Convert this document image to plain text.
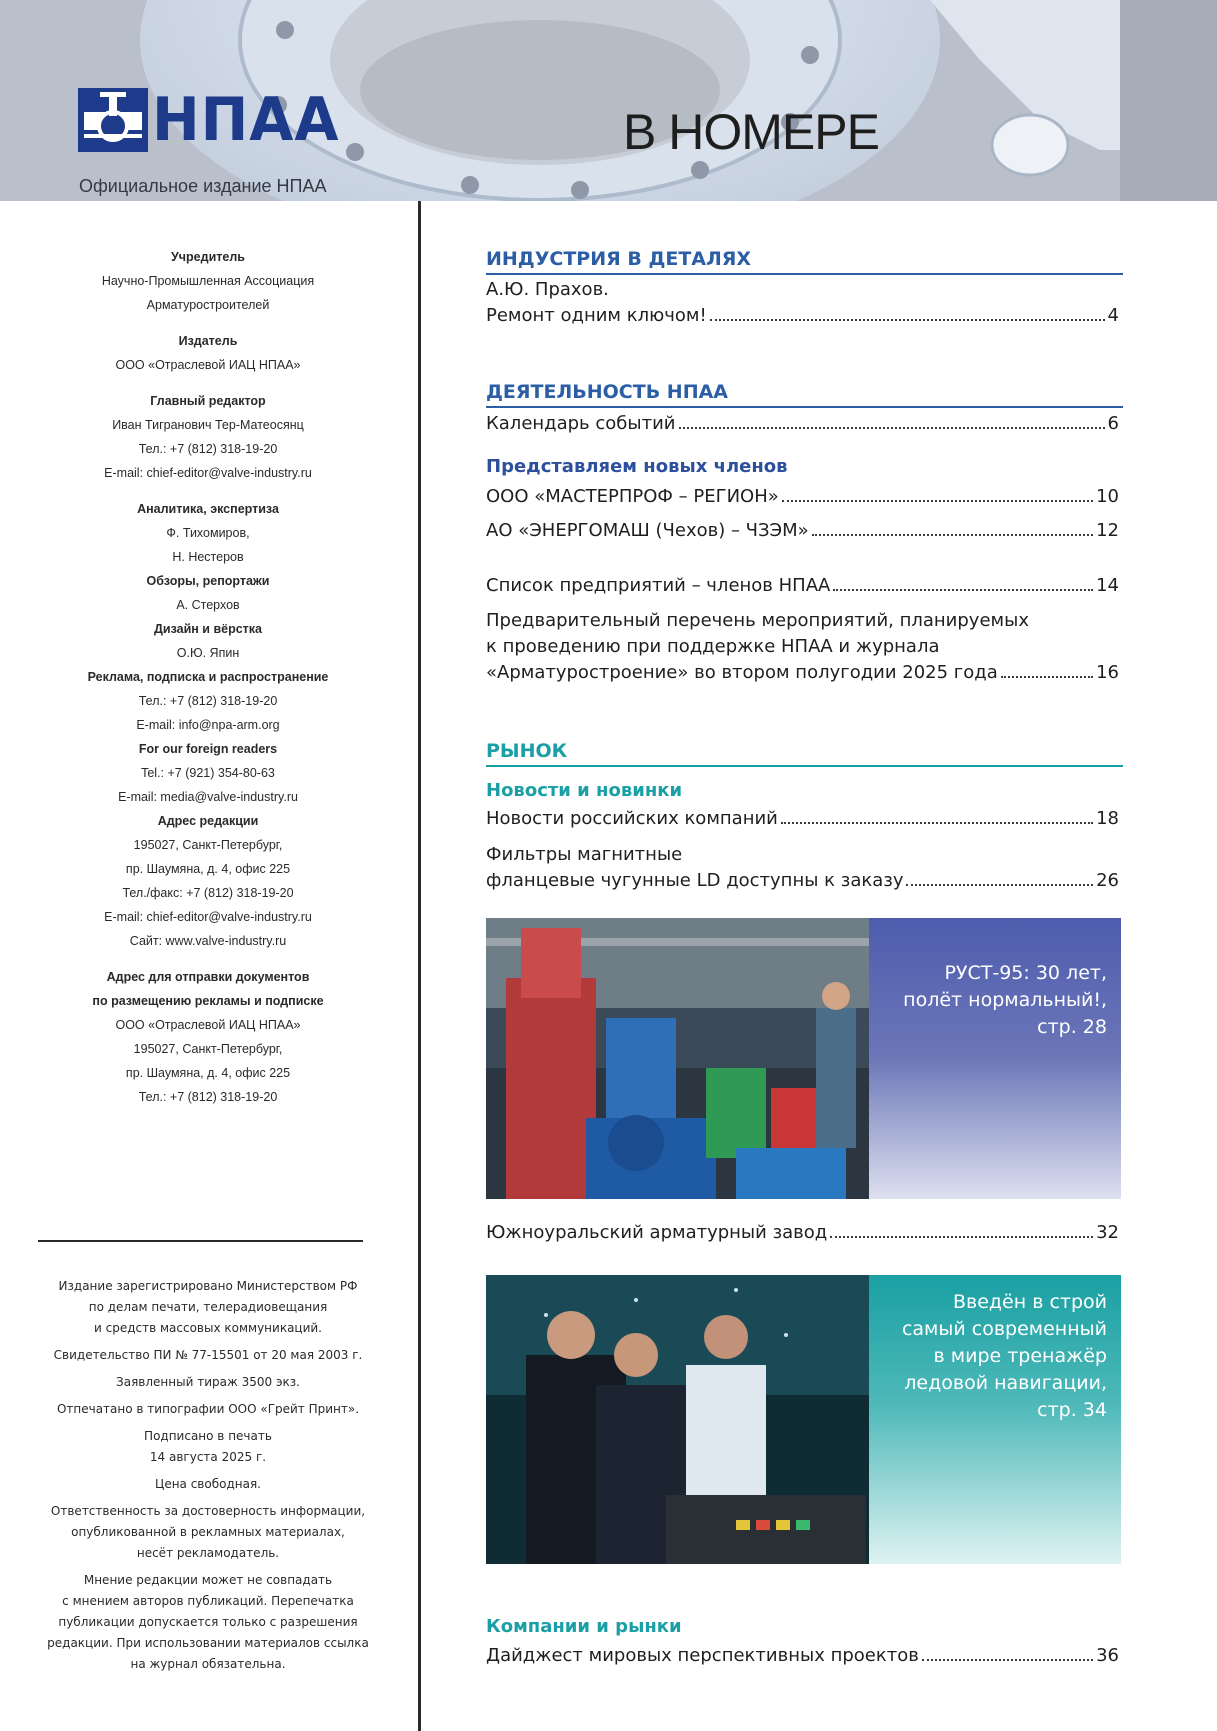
НПАА
Официальное издание НПАА
В НОМЕРЕ
Учредитель
Научно-Промышленная Ассоциация
Арматуростроителей
Издатель
ООО «Отраслевой ИАЦ НПАА»
Главный редактор
Иван Тигранович Тер-Матеосянц
Тел.: +7 (812) 318-19-20
E-mail: chief-editor@valve-industry.ru
Аналитика, экспертиза
Ф. Тихомиров,
Н. Нестеров
Обзоры, репортажи
А. Стерхов
Дизайн и вёрстка
О.Ю. Япин
Реклама, подписка и распространение
Тел.: +7 (812) 318-19-20
E-mail: info@npa-arm.org
For our foreign readers
Tel.: +7 (921) 354-80-63
E-mail: media@valve-industry.ru
Адрес редакции
195027, Санкт-Петербург,
пр. Шаумяна, д. 4, офис 225
Тел./факс: +7 (812) 318-19-20
E-mail: chief-editor@valve-industry.ru
Сайт: www.valve-industry.ru
Адрес для отправки документов
по размещению рекламы и подписке
ООО «Отраслевой ИАЦ НПАА»
195027, Санкт-Петербург,
пр. Шаумяна, д. 4, офис 225
Тел.: +7 (812) 318-19-20

Издание зарегистрировано Министерством РФ
по делам печати, телерадиовещания
и средств массовых коммуникаций.

Свидетельство ПИ № 77-15501 от 20 мая 2003 г.

Заявленный тираж 3500 экз.

Отпечатано в типографии ООО «Грейт Принт».

Подписано в печать
14 августа 2025 г.

Цена свободная.

Ответственность за достоверность информации,
опубликованной в рекламных материалах,
несёт рекламодатель.

Мнение редакции может не совпадать
с мнением авторов публикаций. Перепечатка
публикации допускается только с разрешения
редакции. При использовании материалов ссылка
на журнал обязательна.

ИНДУСТРИЯ В ДЕТАЛЯХ
А.Ю. Прахов.
Ремонт одним ключом!	4
ДЕЯТЕЛЬНОСТЬ НПАА
Календарь событий	6
Представляем новых членов
ООО «МАСТЕРПРОФ – РЕГИОН»	10
АО «ЭНЕРГОМАШ (Чехов) – ЧЗЭМ»	12
Список предприятий – членов НПАА	14
Предварительный перечень мероприятий, планируемых
к проведению при поддержке НПАА и журнала
«Арматуростроение» во втором полугодии 2025 года	16
РЫНОК
Новости и новинки
Новости российских компаний	18
Фильтры магнитные
фланцевые чугунные LD доступны к заказу	26
РУСТ-95: 30 лет,
полёт нормальный!,
стр. 28
Южноуральский арматурный завод	32
Введён в строй
самый современный
в мире тренажёр
ледовой навигации,
стр. 34
Компании и рынки
Дайджест мировых перспективных проектов	36
